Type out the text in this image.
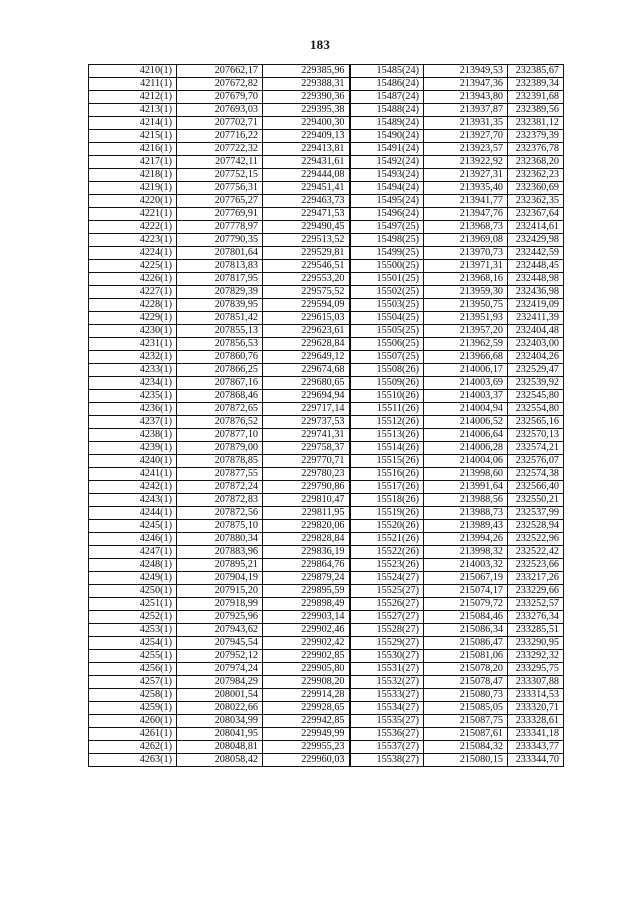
183
4210(1)	207662,17	229385,96	15485(24)	213949,53	232385,67
4211(1)	207672,82	229388,31	15486(24)	213947,36	232389,34
4212(1)	207679,70	229390,36	15487(24)	213943,80	232391,68
4213(1)	207693,03	229395,38	15488(24)	213937,87	232389,56
4214(1)	207702,71	229400,30	15489(24)	213931,35	232381,12
4215(1)	207716,22	229409,13	15490(24)	213927,70	232379,39
4216(1)	207722,32	229413,81	15491(24)	213923,57	232376,78
4217(1)	207742,11	229431,61	15492(24)	213922,92	232368,20
4218(1)	207752,15	229444,08	15493(24)	213927,31	232362,23
4219(1)	207756,31	229451,41	15494(24)	213935,40	232360,69
4220(1)	207765,27	229463,73	15495(24)	213941,77	232362,35
4221(1)	207769,91	229471,53	15496(24)	213947,76	232367,64
4222(1)	207778,97	229490,45	15497(25)	213968,73	232414,61
4223(1)	207790,35	229513,52	15498(25)	213969,08	232429,98
4224(1)	207801,64	229529,81	15499(25)	213970,73	232442,59
4225(1)	207813,83	229546,51	15500(25)	213971,31	232448,45
4226(1)	207817,95	229553,20	15501(25)	213968,16	232448,98
4227(1)	207829,39	229575,52	15502(25)	213959,30	232436,98
4228(1)	207839,95	229594,09	15503(25)	213950,75	232419,09
4229(1)	207851,42	229615,03	15504(25)	213951,93	232411,39
4230(1)	207855,13	229623,61	15505(25)	213957,20	232404,48
4231(1)	207856,53	229628,84	15506(25)	213962,59	232403,00
4232(1)	207860,76	229649,12	15507(25)	213966,68	232404,26
4233(1)	207866,25	229674,68	15508(26)	214006,17	232529,47
4234(1)	207867,16	229680,65	15509(26)	214003,69	232539,92
4235(1)	207868,46	229694,94	15510(26)	214003,37	232545,80
4236(1)	207872,65	229717,14	15511(26)	214004,94	232554,80
4237(1)	207876,52	229737,53	15512(26)	214006,52	232565,16
4238(1)	207877,10	229741,31	15513(26)	214006,64	232570,13
4239(1)	207879,00	229758,37	15514(26)	214006,28	232574,21
4240(1)	207878,85	229770,71	15515(26)	214004,06	232576,07
4241(1)	207877,55	229780,23	15516(26)	213998,60	232574,38
4242(1)	207872,24	229790,86	15517(26)	213991,64	232566,40
4243(1)	207872,83	229810,47	15518(26)	213988,56	232550,21
4244(1)	207872,56	229811,95	15519(26)	213988,73	232537,99
4245(1)	207875,10	229820,06	15520(26)	213989,43	232528,94
4246(1)	207880,34	229828,84	15521(26)	213994,26	232522,96
4247(1)	207883,96	229836,19	15522(26)	213998,32	232522,42
4248(1)	207895,21	229864,76	15523(26)	214003,32	232523,66
4249(1)	207904,19	229879,24	15524(27)	215067,19	233217,26
4250(1)	207915,20	229895,59	15525(27)	215074,17	233229,66
4251(1)	207918,99	229898,49	15526(27)	215079,72	233252,57
4252(1)	207925,96	229903,14	15527(27)	215084,46	233276,34
4253(1)	207943,62	229902,46	15528(27)	215086,34	233285,51
4254(1)	207945,54	229902,42	15529(27)	215086,47	233290,95
4255(1)	207952,12	229902,85	15530(27)	215081,06	233292,32
4256(1)	207974,24	229905,80	15531(27)	215078,20	233295,75
4257(1)	207984,29	229908,20	15532(27)	215078,47	233307,88
4258(1)	208001,54	229914,28	15533(27)	215080,73	233314,53
4259(1)	208022,66	229928,65	15534(27)	215085,05	233320,71
4260(1)	208034,99	229942,85	15535(27)	215087,75	233328,61
4261(1)	208041,95	229949,99	15536(27)	215087,61	233341,18
4262(1)	208048,81	229955,23	15537(27)	215084,32	233343,77
4263(1)	208058,42	229960,03	15538(27)	215080,15	233344,70
